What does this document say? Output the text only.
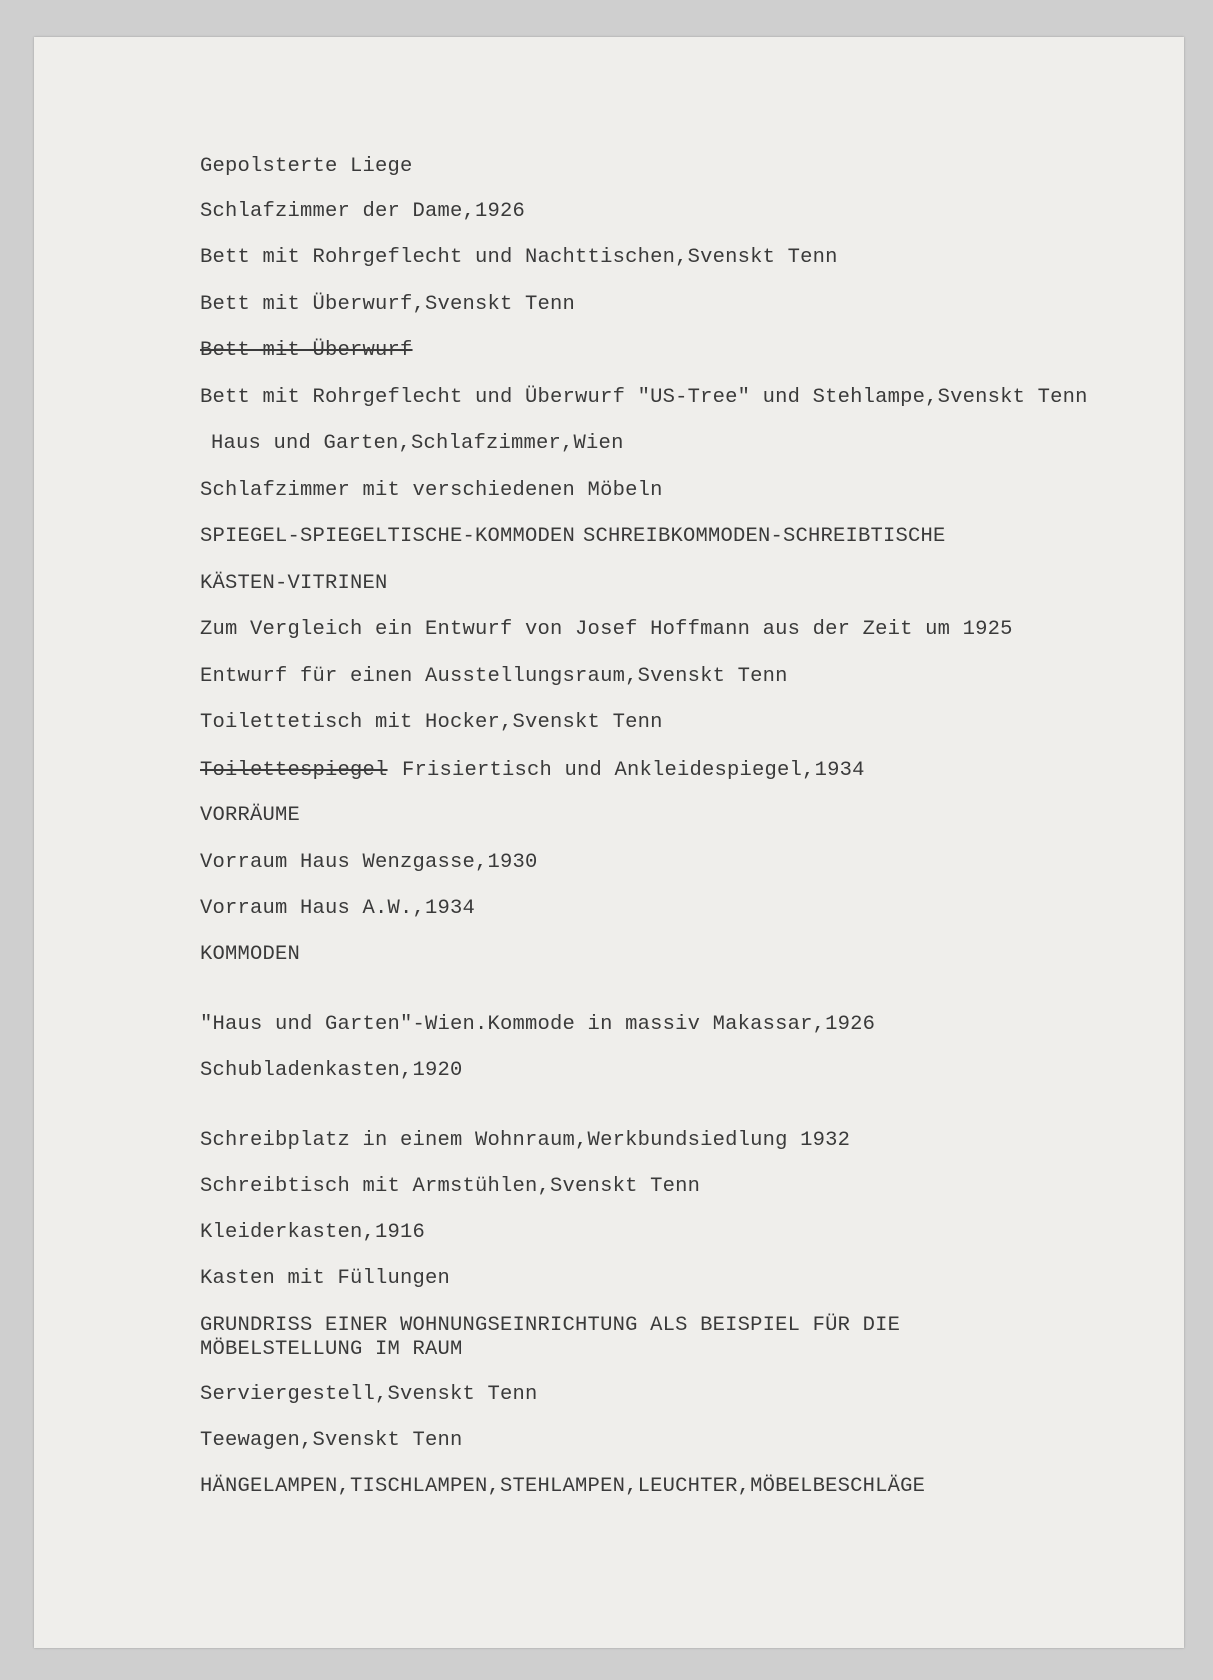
Gepolsterte Liege
Schlafzimmer der Dame,1926
Bett mit Rohrgeflecht und Nachttischen,Svenskt Tenn
Bett mit Überwurf,Svenskt Tenn
Bett mit Überwurf
Bett mit Rohrgeflecht und Überwurf "US-Tree" und Stehlampe,Svenskt Tenn
Haus und Garten,Schlafzimmer,Wien
Schlafzimmer mit verschiedenen Möbeln
SPIEGEL-SPIEGELTISCHE-KOMMODEN SCHREIBKOMMODEN-SCHREIBTISCHE
KÄSTEN-VITRINEN
Zum Vergleich ein Entwurf von Josef Hoffmann aus der Zeit um 1925
Entwurf für einen Ausstellungsraum,Svenskt Tenn
Toilettetisch mit Hocker,Svenskt Tenn
Toilettespiegel Frisiertisch und Ankleidespiegel,1934
VORRÄUME
Vorraum Haus Wenzgasse,1930
Vorraum Haus A.W.,1934
KOMMODEN
"Haus und Garten"-Wien.Kommode in massiv Makassar,1926
Schubladenkasten,1920
Schreibplatz in einem Wohnraum,Werkbundsiedlung 1932
Schreibtisch mit Armstühlen,Svenskt Tenn
Kleiderkasten,1916
Kasten mit Füllungen
GRUNDRISS EINER WOHNUNGSEINRICHTUNG ALS BEISPIEL FÜR DIE MÖBELSTELLUNG IM RAUM
Serviergestell,Svenskt Tenn
Teewagen,Svenskt Tenn
HÄNGELAMPEN,TISCHLAMPEN,STEHLAMPEN,LEUCHTER,MÖBELBESCHLÄGE
